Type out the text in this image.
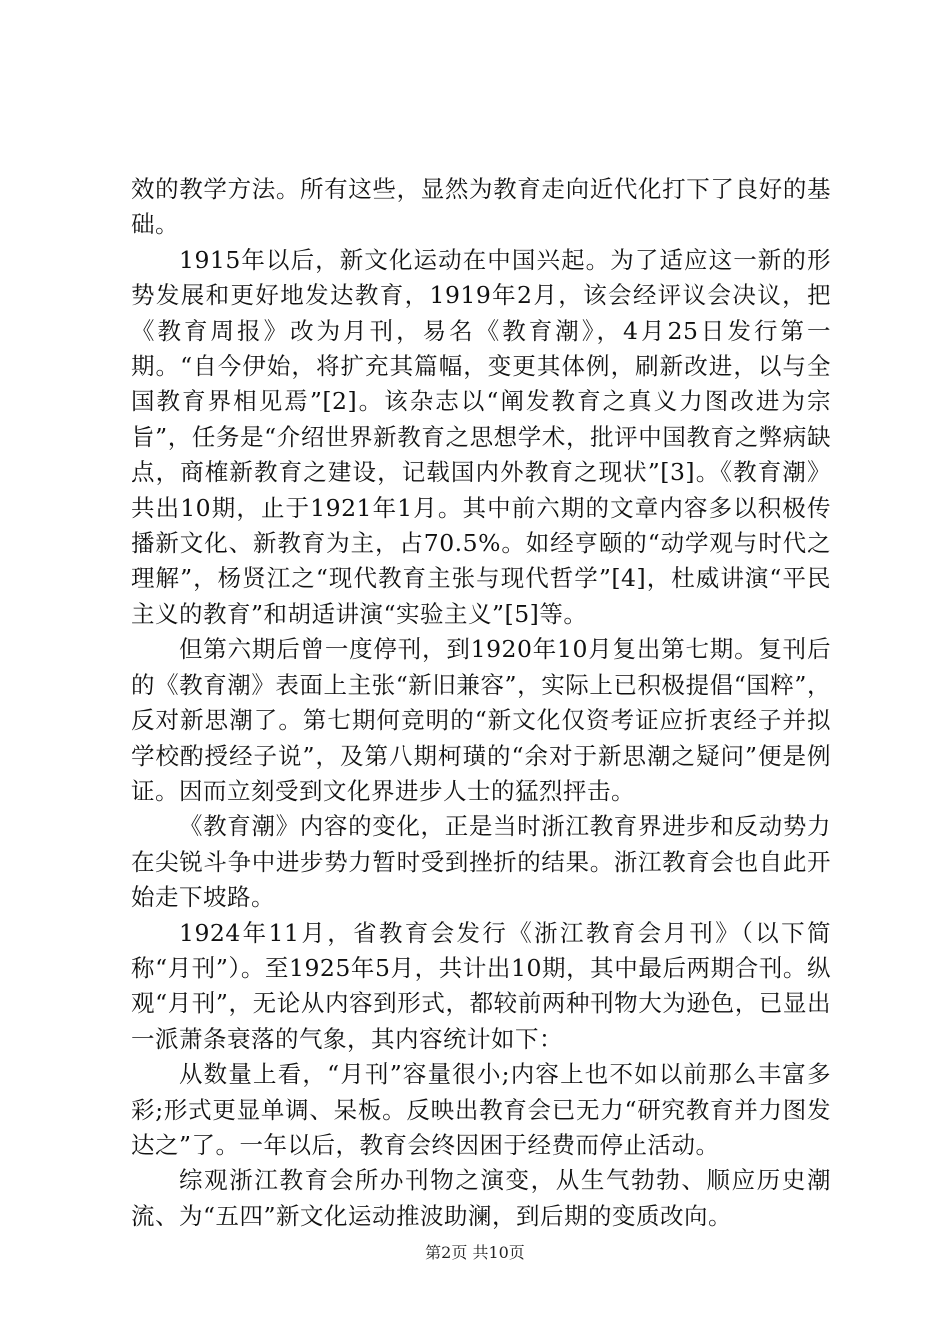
效的教学方法。所有这些，显然为教育走向近代化打下了良好的基础。

1915年以后，新文化运动在中国兴起。为了适应这一新的形势发展和更好地发达教育，1919年2月，该会经评议会决议，把《教育周报》改为月刊，易名《教育潮》，4月25日发行第一期。“自今伊始，将扩充其篇幅，变更其体例，刷新改进，以与全国教育界相见焉”[2]。该杂志以“阐发教育之真义力图改进为宗旨”，任务是“介绍世界新教育之思想学术，批评中国教育之弊病缺点，商榷新教育之建设，记载国内外教育之现状”[3]。《教育潮》共出10期，止于1921年1月。其中前六期的文章内容多以积极传播新文化、新教育为主，占70.5%。如经亨颐的“动学观与时代之理解”，杨贤江之“现代教育主张与现代哲学”[4]，杜威讲演“平民主义的教育”和胡适讲演“实验主义”[5]等。

但第六期后曾一度停刊，到1920年10月复出第七期。复刊后的《教育潮》表面上主张“新旧兼容”，实际上已积极提倡“国粹”，反对新思潮了。第七期何竞明的“新文化仅资考证应折衷经子并拟学校酌授经子说”，及第八期柯璜的“余对于新思潮之疑问”便是例证。因而立刻受到文化界进步人士的猛烈抨击。

《教育潮》内容的变化，正是当时浙江教育界进步和反动势力在尖锐斗争中进步势力暂时受到挫折的结果。浙江教育会也自此开始走下坡路。

1924年11月，省教育会发行《浙江教育会月刊》（以下简称“月刊”）。至1925年5月，共计出10期，其中最后两期合刊。纵观“月刊”，无论从内容到形式，都较前两种刊物大为逊色，已显出一派萧条衰落的气象，其内容统计如下：

从数量上看，“月刊”容量很小;内容上也不如以前那么丰富多彩;形式更显单调、呆板。反映出教育会已无力“研究教育并力图发达之”了。一年以后，教育会终因困于经费而停止活动。

综观浙江教育会所办刊物之演变，从生气勃勃、顺应历史潮流、为“五四”新文化运动推波助澜，到后期的变质改向。

第2页 共10页
